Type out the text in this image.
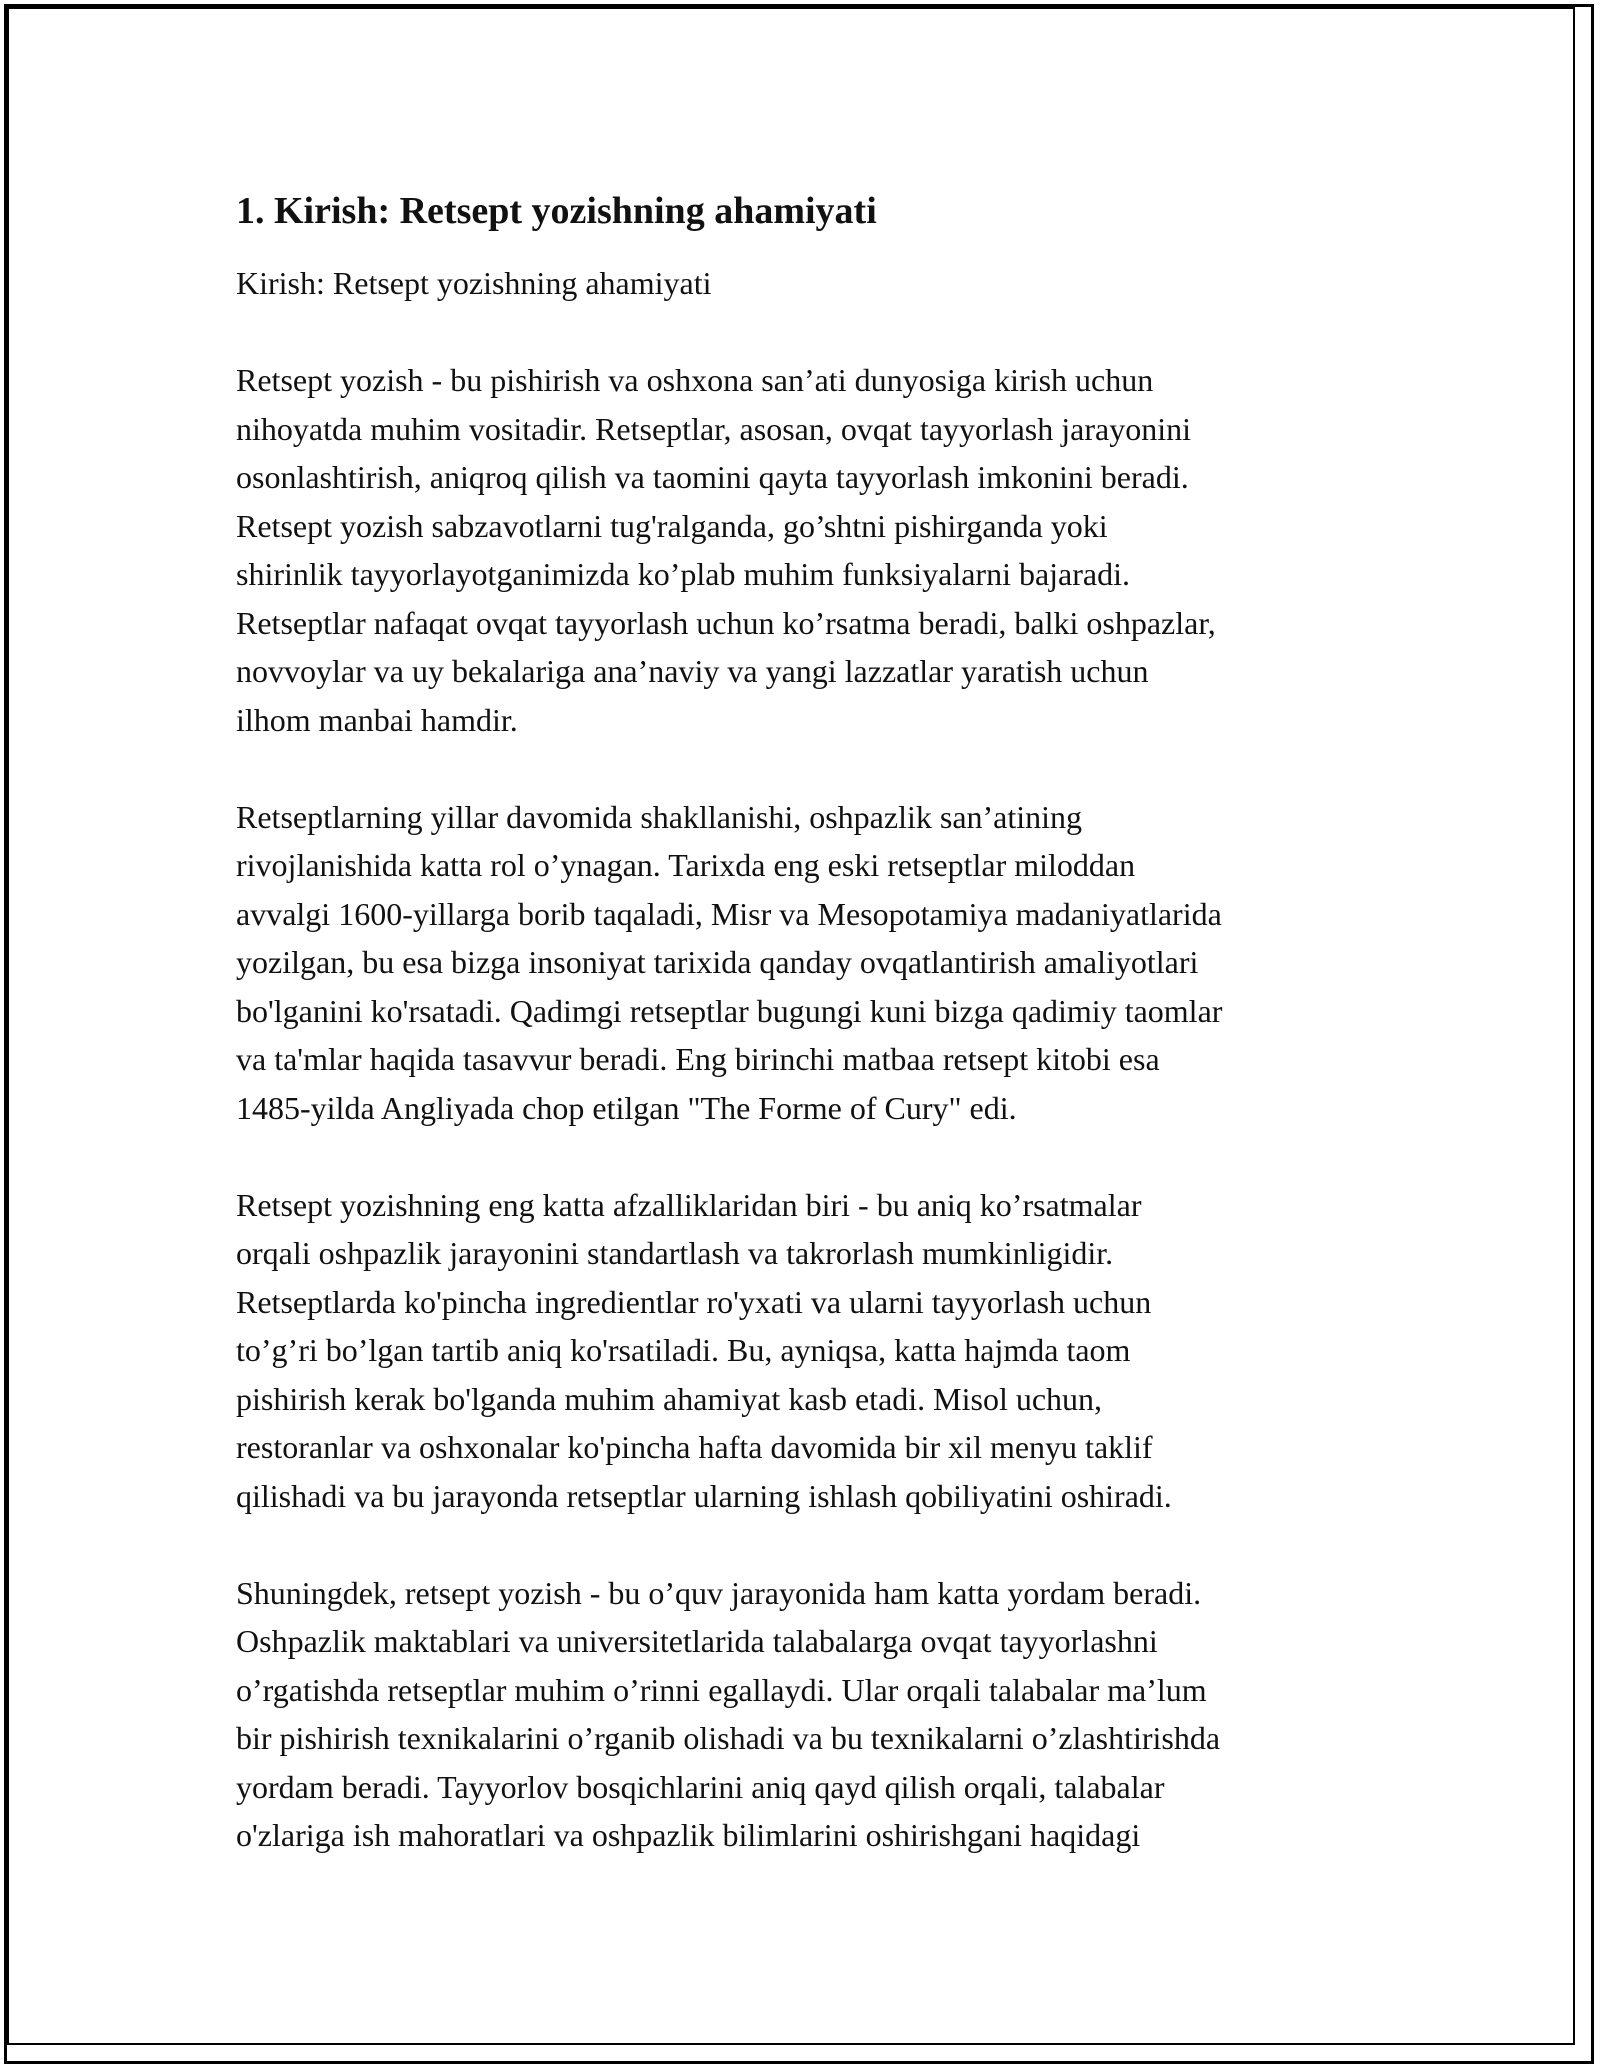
1. Kirish: Retsept yozishning ahamiyati
Kirish: Retsept yozishning ahamiyati
Retsept yozish - bu pishirish va oshxona san’ati dunyosiga kirish uchun
nihoyatda muhim vositadir. Retseptlar, asosan, ovqat tayyorlash jarayonini
osonlashtirish, aniqroq qilish va taomini qayta tayyorlash imkonini beradi.
Retsept yozish sabzavotlarni tug'ralganda, go’shtni pishirganda yoki
shirinlik tayyorlayotganimizda ko’plab muhim funksiyalarni bajaradi.
Retseptlar nafaqat ovqat tayyorlash uchun ko’rsatma beradi, balki oshpazlar,
novvoylar va uy bekalariga ana’naviy va yangi lazzatlar yaratish uchun
ilhom manbai hamdir.
Retseptlarning yillar davomida shakllanishi, oshpazlik san’atining
rivojlanishida katta rol o’ynagan. Tarixda eng eski retseptlar miloddan
avvalgi 1600-yillarga borib taqaladi, Misr va Mesopotamiya madaniyatlarida
yozilgan, bu esa bizga insoniyat tarixida qanday ovqatlantirish amaliyotlari
bo'lganini ko'rsatadi. Qadimgi retseptlar bugungi kuni bizga qadimiy taomlar
va ta'mlar haqida tasavvur beradi. Eng birinchi matbaa retsept kitobi esa
1485-yilda Angliyada chop etilgan "The Forme of Cury" edi.
Retsept yozishning eng katta afzalliklaridan biri - bu aniq ko’rsatmalar
orqali oshpazlik jarayonini standartlash va takrorlash mumkinligidir.
Retseptlarda ko'pincha ingredientlar ro'yxati va ularni tayyorlash uchun
to’g’ri bo’lgan tartib aniq ko'rsatiladi. Bu, ayniqsa, katta hajmda taom
pishirish kerak bo'lganda muhim ahamiyat kasb etadi. Misol uchun,
restoranlar va oshxonalar ko'pincha hafta davomida bir xil menyu taklif
qilishadi va bu jarayonda retseptlar ularning ishlash qobiliyatini oshiradi.
Shuningdek, retsept yozish - bu o’quv jarayonida ham katta yordam beradi.
Oshpazlik maktablari va universitetlarida talabalarga ovqat tayyorlashni
o’rgatishda retseptlar muhim o’rinni egallaydi. Ular orqali talabalar ma’lum
bir pishirish texnikalarini o’rganib olishadi va bu texnikalarni o’zlashtirishda
yordam beradi. Tayyorlov bosqichlarini aniq qayd qilish orqali, talabalar
o'zlariga ish mahoratlari va oshpazlik bilimlarini oshirishgani haqidagi
